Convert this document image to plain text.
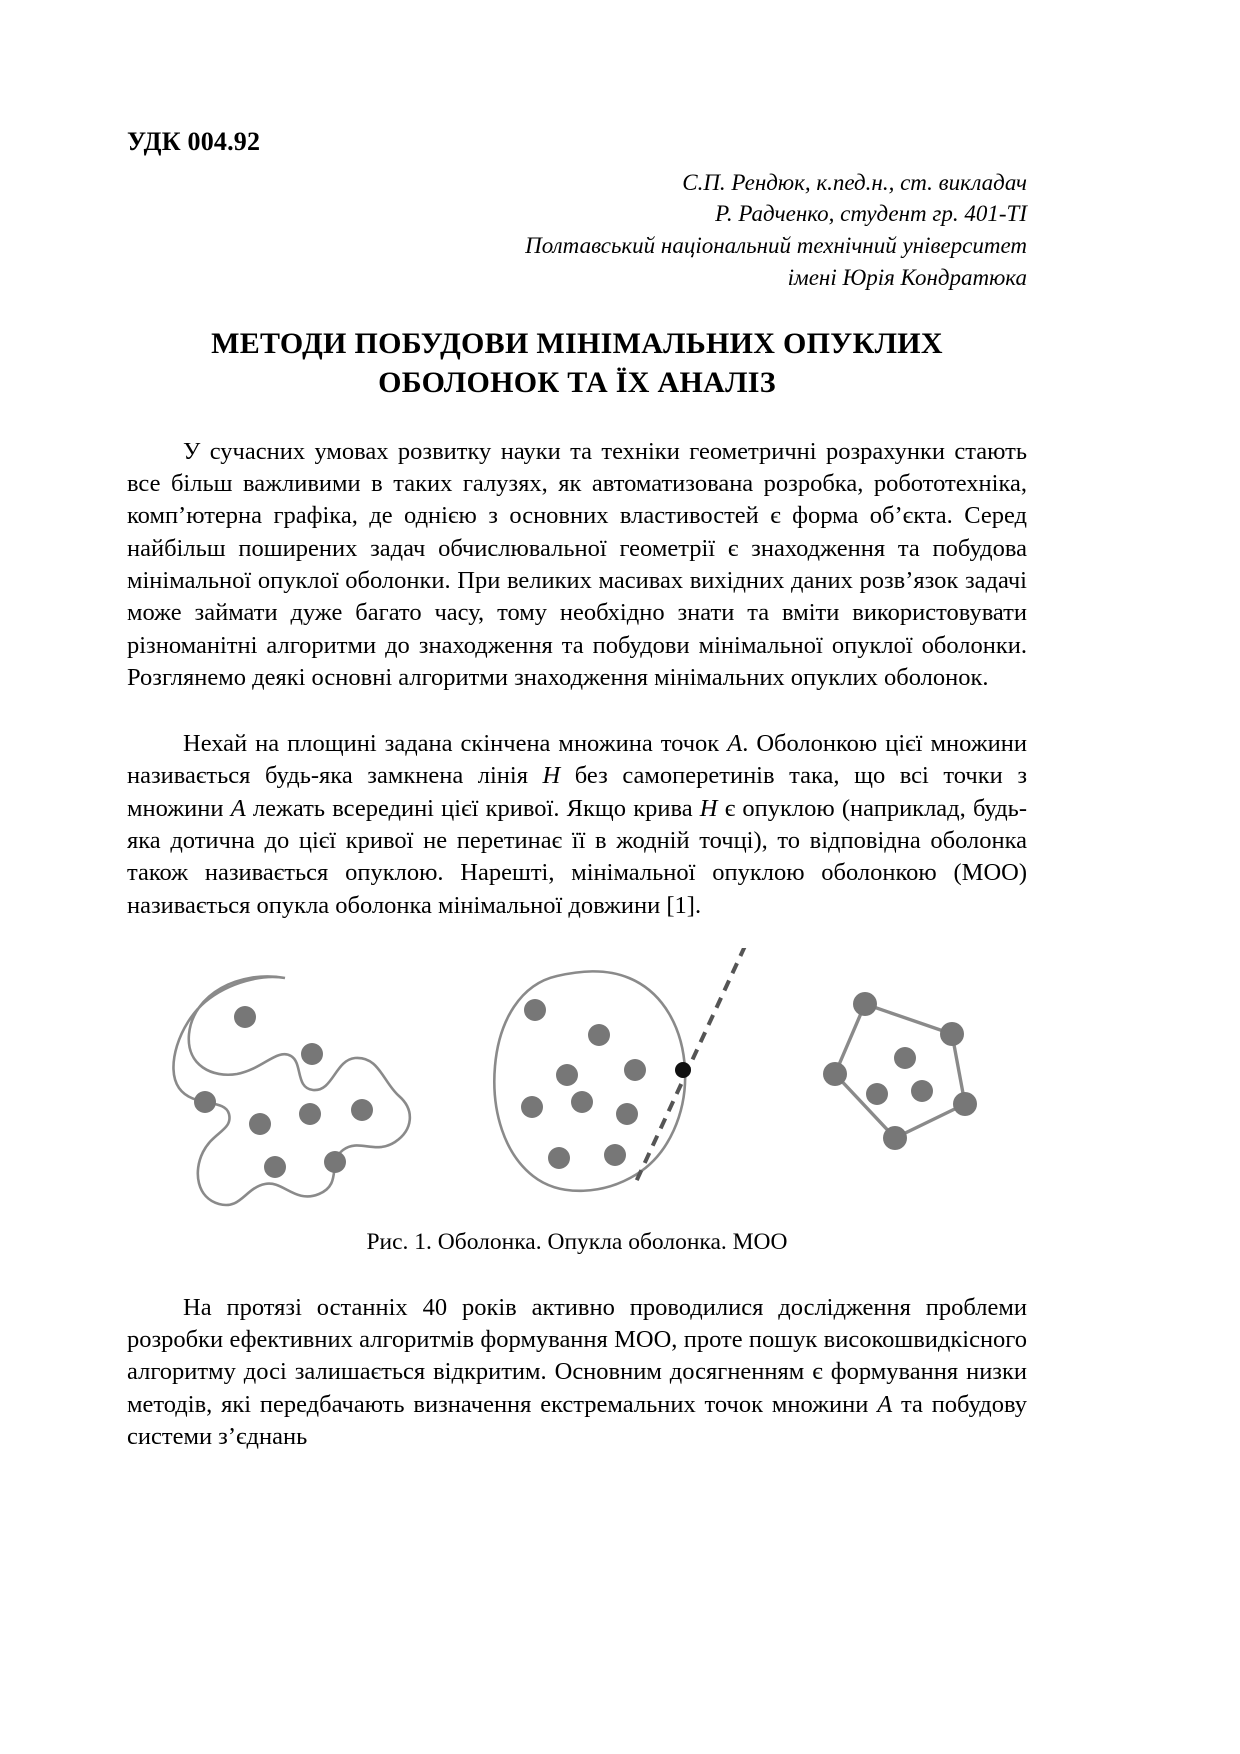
УДК 004.92
С.П. Рендюк, к.пед.н., ст. викладач
Р. Радченко, студент гр. 401-ТІ
Полтавський національний технічний університет
імені Юрія Кондратюка
МЕТОДИ ПОБУДОВИ МІНІМАЛЬНИХ ОПУКЛИХ
ОБОЛОНОК ТА ЇХ АНАЛІЗ

У сучасних умовах розвитку науки та техніки геометричні розрахунки стають все більш важливими в таких галузях, як автоматизована розробка, робототехніка, комп’ютерна графіка, де однією з основних властивостей є форма об’єкта. Серед найбільш поширених задач обчислювальної геометрії є знаходження та побудова мінімальної опуклої оболонки. При великих масивах вихідних даних розв’язок задачі може займати дуже багато часу, тому необхідно знати та вміти використовувати різноманітні алгоритми до знаходження та побудови мінімальної опуклої оболонки. Розглянемо деякі основні алгоритми знаходження мінімальних опуклих оболонок.

Нехай на площині задана скінчена множина точок A. Оболонкою цієї множини називається будь-яка замкнена лінія H без самоперетинів така, що всі точки з множини A лежать всередині цієї кривої. Якщо крива H є опуклою (наприклад, будь-яка дотична до цієї кривої не перетинає її в жодній точці), то відповідна оболонка також називається опуклою. Нарешті, мінімальної опуклою оболонкою (МОО) називається опукла оболонка мінімальної довжини [1].

Рис. 1. Оболонка. Опукла оболонка. МОО

На протязі останніх 40 років активно проводилися дослідження проблеми розробки ефективних алгоритмів формування МОО, проте пошук високошвидкісного алгоритму досі залишається відкритим. Основним досягненням є формування низки методів, які передбачають визначення екстремальних точок множини A та побудову системи з’єднань
